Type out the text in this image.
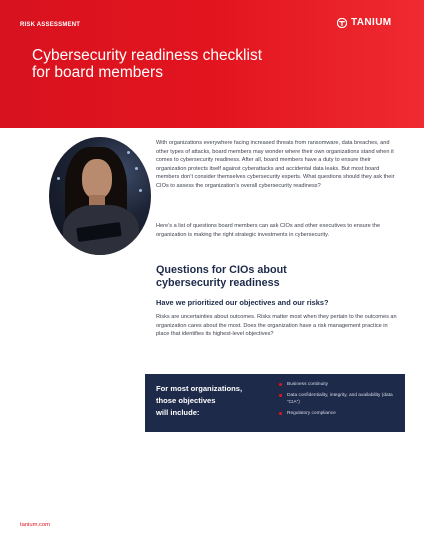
RISK ASSESSMENT	TANIUM
Cybersecurity readiness checklist
for board members

With organizations everywhere facing increased threats from ransomware, data breaches, and other types of attacks, board members may wonder where their own organizations stand when it comes to cybersecurity readiness. After all, board members have a duty to ensure their organization protects itself against cyberattacks and accidental data leaks. But most board members don’t consider themselves cybersecurity experts. What questions should they ask their CIOs to assess the organization’s overall cybersecurity readiness?

Here’s a list of questions board members can ask CIOs and other executives to ensure the organization is making the right strategic investments in cybersecurity.

Questions for CIOs about
cybersecurity readiness
Have we prioritized our objectives and our risks?

Risks are uncertainties about outcomes. Risks matter most when they pertain to the outcomes an organization cares about the most. Does the organization have a risk management practice in place that identifies its highest-level objectives?

For most organizations,
those objectives
will include:
Business continuity
Data confidentiality, integrity, and availability (data “CIA”)
Regulatory compliance
tanium.com
